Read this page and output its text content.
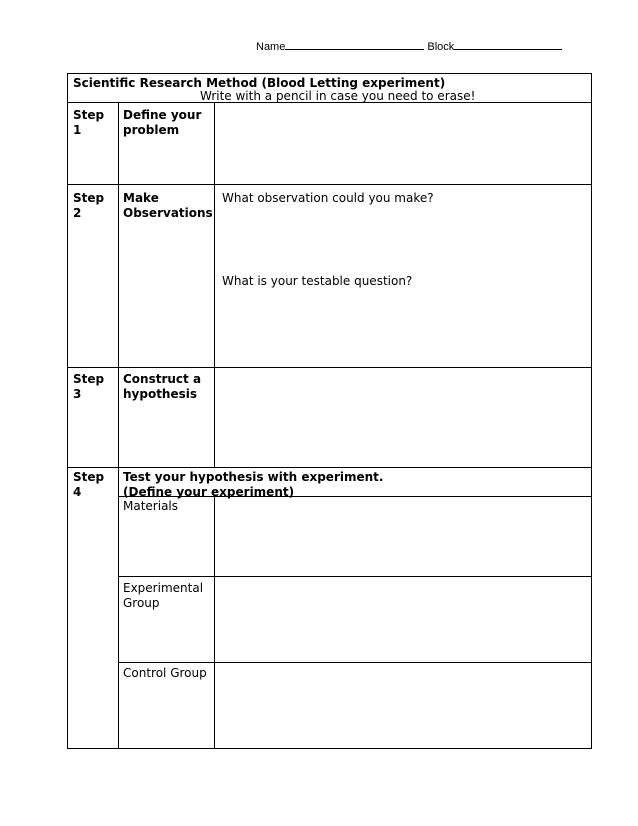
Name	Block
Scientific Research Method (Blood Letting experiment)
Write with a pencil in case you need to erase!
Step
1
Define your
problem
Step
2
Make
Observations
What observation could you make?
What is your testable question?
Step
3
Construct a
hypothesis
Step
4
Test your hypothesis with experiment.
(Define your experiment)
Materials
Experimental
Group
Control Group
